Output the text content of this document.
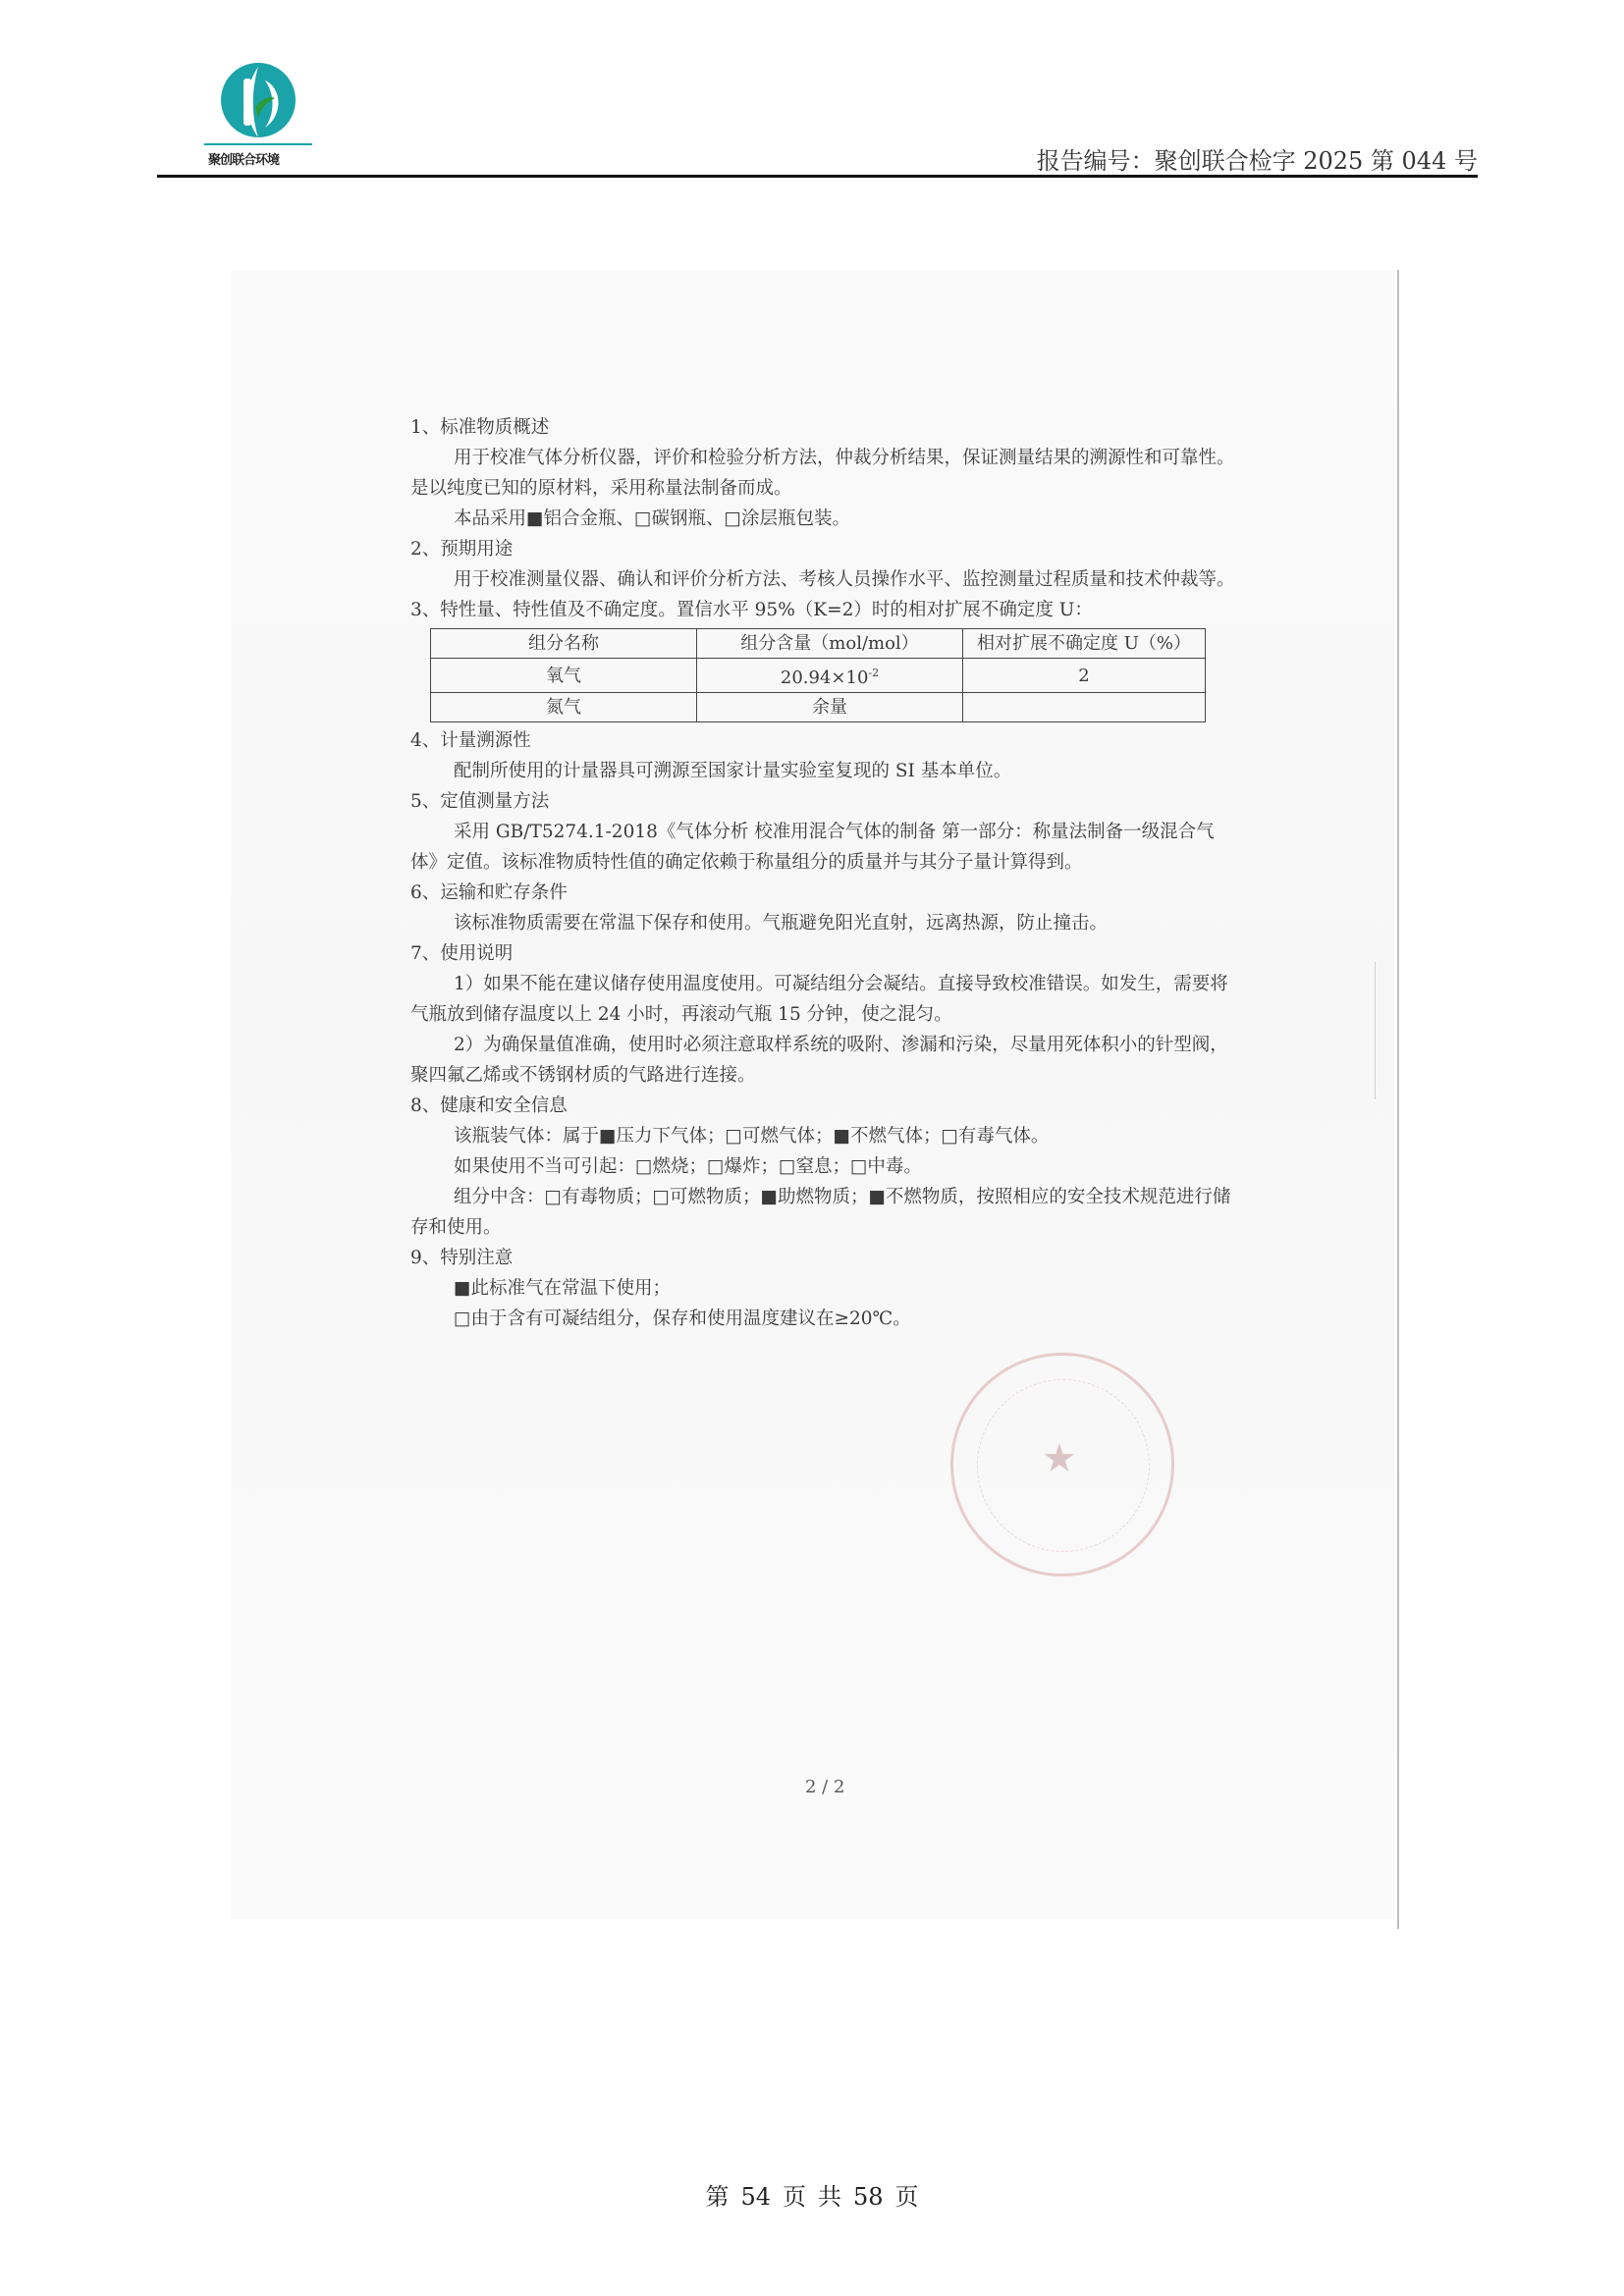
聚创联合环境	报告编号：聚创联合检字 2025 第 044 号

1、标准物质概述

用于校准气体分析仪器，评价和检验分析方法，仲裁分析结果，保证测量结果的溯源性和可靠性。是以纯度已知的原材料，采用称量法制备而成。

本品采用■铝合金瓶、□碳钢瓶、□涂层瓶包装。

2、预期用途

用于校准测量仪器、确认和评价分析方法、考核人员操作水平、监控测量过程质量和技术仲裁等。

3、特性量、特性值及不确定度。置信水平 95%（K=2）时的相对扩展不确定度 U：

组分名称	组分含量（mol/mol）	相对扩展不确定度 U（%）
氧气	$20.94\times 10^{-2}$	2
氮气	余量	

4、计量溯源性

配制所使用的计量器具可溯源至国家计量实验室复现的 SI 基本单位。

5、定值测量方法

采用 GB/T5274.1-2018《气体分析 校准用混合气体的制备 第一部分：称量法制备一级混合气体》定值。该标准物质特性值的确定依赖于称量组分的质量并与其分子量计算得到。

6、运输和贮存条件

该标准物质需要在常温下保存和使用。气瓶避免阳光直射，远离热源，防止撞击。

7、使用说明

1）如果不能在建议储存使用温度使用。可凝结组分会凝结。直接导致校准错误。如发生，需要将气瓶放到储存温度以上 24 小时，再滚动气瓶 15 分钟，使之混匀。

2）为确保量值准确，使用时必须注意取样系统的吸附、渗漏和污染，尽量用死体积小的针型阀，聚四氟乙烯或不锈钢材质的气路进行连接。

8、健康和安全信息

该瓶装气体：属于■压力下气体；□可燃气体；■不燃气体；□有毒气体。

如果使用不当可引起：□燃烧；□爆炸；□窒息；□中毒。

组分中含：□有毒物质；□可燃物质；■助燃物质；■不燃物质，按照相应的安全技术规范进行储存和使用。

9、特别注意

■此标准气在常温下使用；

□由于含有可凝结组分，保存和使用温度建议在≥20℃。

★
2 / 2
第 54 页 共 58 页
